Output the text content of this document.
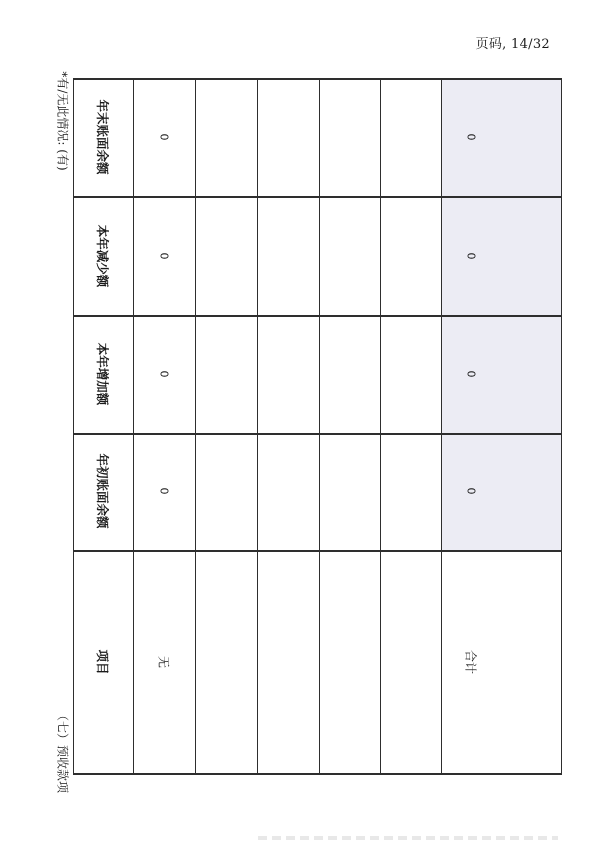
页码, 14/32
（七）预收款项
*有/无此情况: (有)
项目
年初账面余额
本年增加额
本年减少额
年末账面余额
无
0
0
0
0
合计
0
0
0
0
